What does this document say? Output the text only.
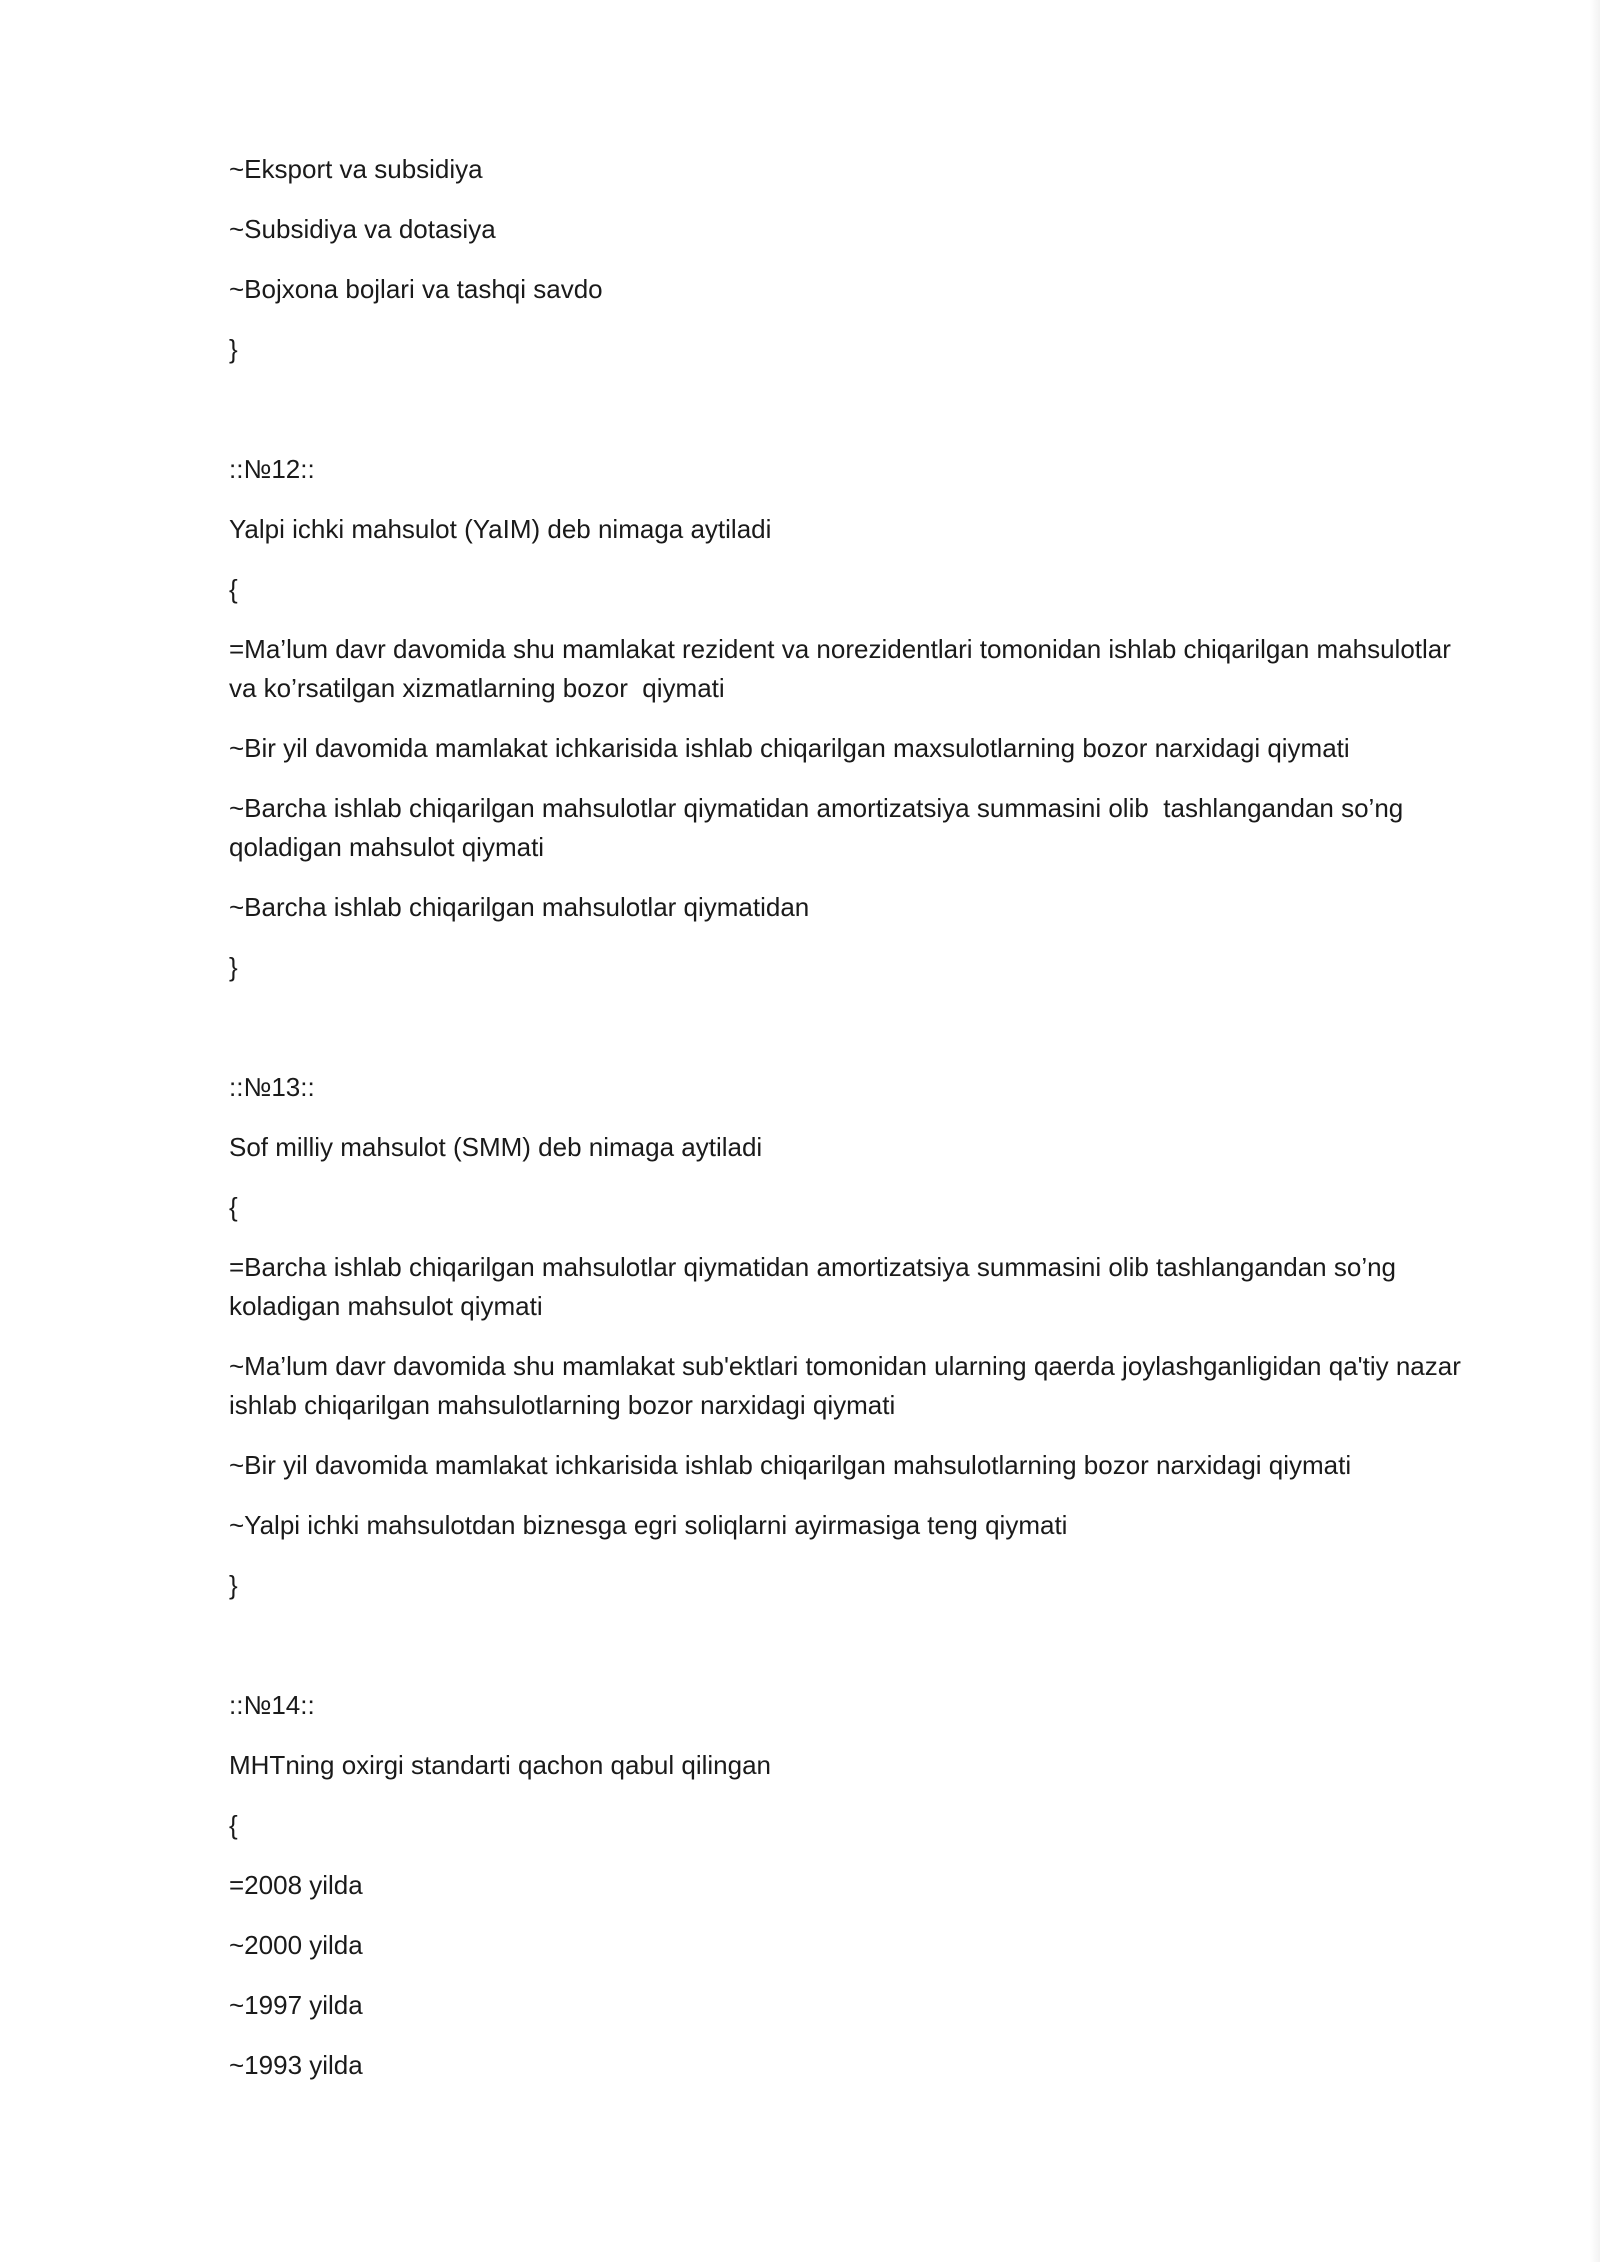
~Eksport va subsidiya

~Subsidiya va dotasiya

~Bojxona bojlari va tashqi savdo

}

::№12::

Yalpi ichki mahsulot (YaIM) deb nimaga aytiladi

{

=Ma’lum davr davomida shu mamlakat rezident va norezidentlari tomonidan ishlab chiqarilgan mahsulotlar va ko’rsatilgan xizmatlarning bozor  qiymati

~Bir yil davomida mamlakat ichkarisida ishlab chiqarilgan maxsulotlarning bozor narxidagi qiymati

~Barcha ishlab chiqarilgan mahsulotlar qiymatidan amortizatsiya summasini olib  tashlangandan so’ng qoladigan mahsulot qiymati

~Barcha ishlab chiqarilgan mahsulotlar qiymatidan

}

::№13::

Sof milliy mahsulot (SMM) deb nimaga aytiladi

{

=Barcha ishlab chiqarilgan mahsulotlar qiymatidan amortizatsiya summasini olib tashlangandan so’ng koladigan mahsulot qiymati

~Ma’lum davr davomida shu mamlakat sub'ektlari tomonidan ularning qaerda joylashganligidan qa'tiy nazar ishlab chiqarilgan mahsulotlarning bozor narxidagi qiymati

~Bir yil davomida mamlakat ichkarisida ishlab chiqarilgan mahsulotlarning bozor narxidagi qiymati

~Yalpi ichki mahsulotdan biznesga egri soliqlarni ayirmasiga teng qiymati

}

::№14::

MHTning oxirgi standarti qachon qabul qilingan

{

=2008 yilda

~2000 yilda

~1997 yilda

~1993 yilda
